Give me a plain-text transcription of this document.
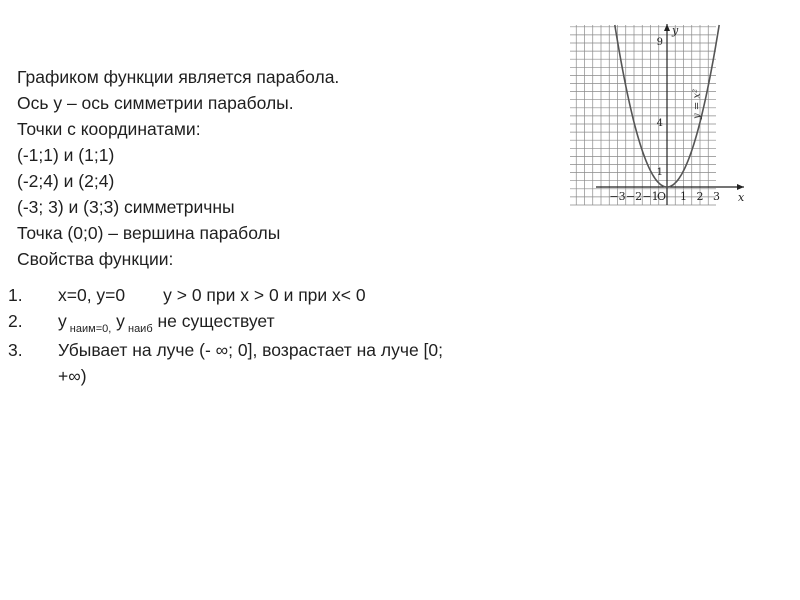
Графиком функции является парабола.
Ось у – ось симметрии параболы.
Точки с координатами:
(-1;1) и (1;1)
(-2;4) и (2;4)
(-3; 3) и (3;3) симметричны
Точка (0;0) – вершина параболы
Свойства функции:
1. x=0, y=0 y > 0 при x > 0 и при x< 0
2. y $_{наим=0,}$ y $_{наиб}$ не существует
3. Убывает на луче (- ∞; 0], возрастает на луче [0;
+∞)
−3 −2 −1 1 2 3
1
4
9
y = x²
x
y
O
